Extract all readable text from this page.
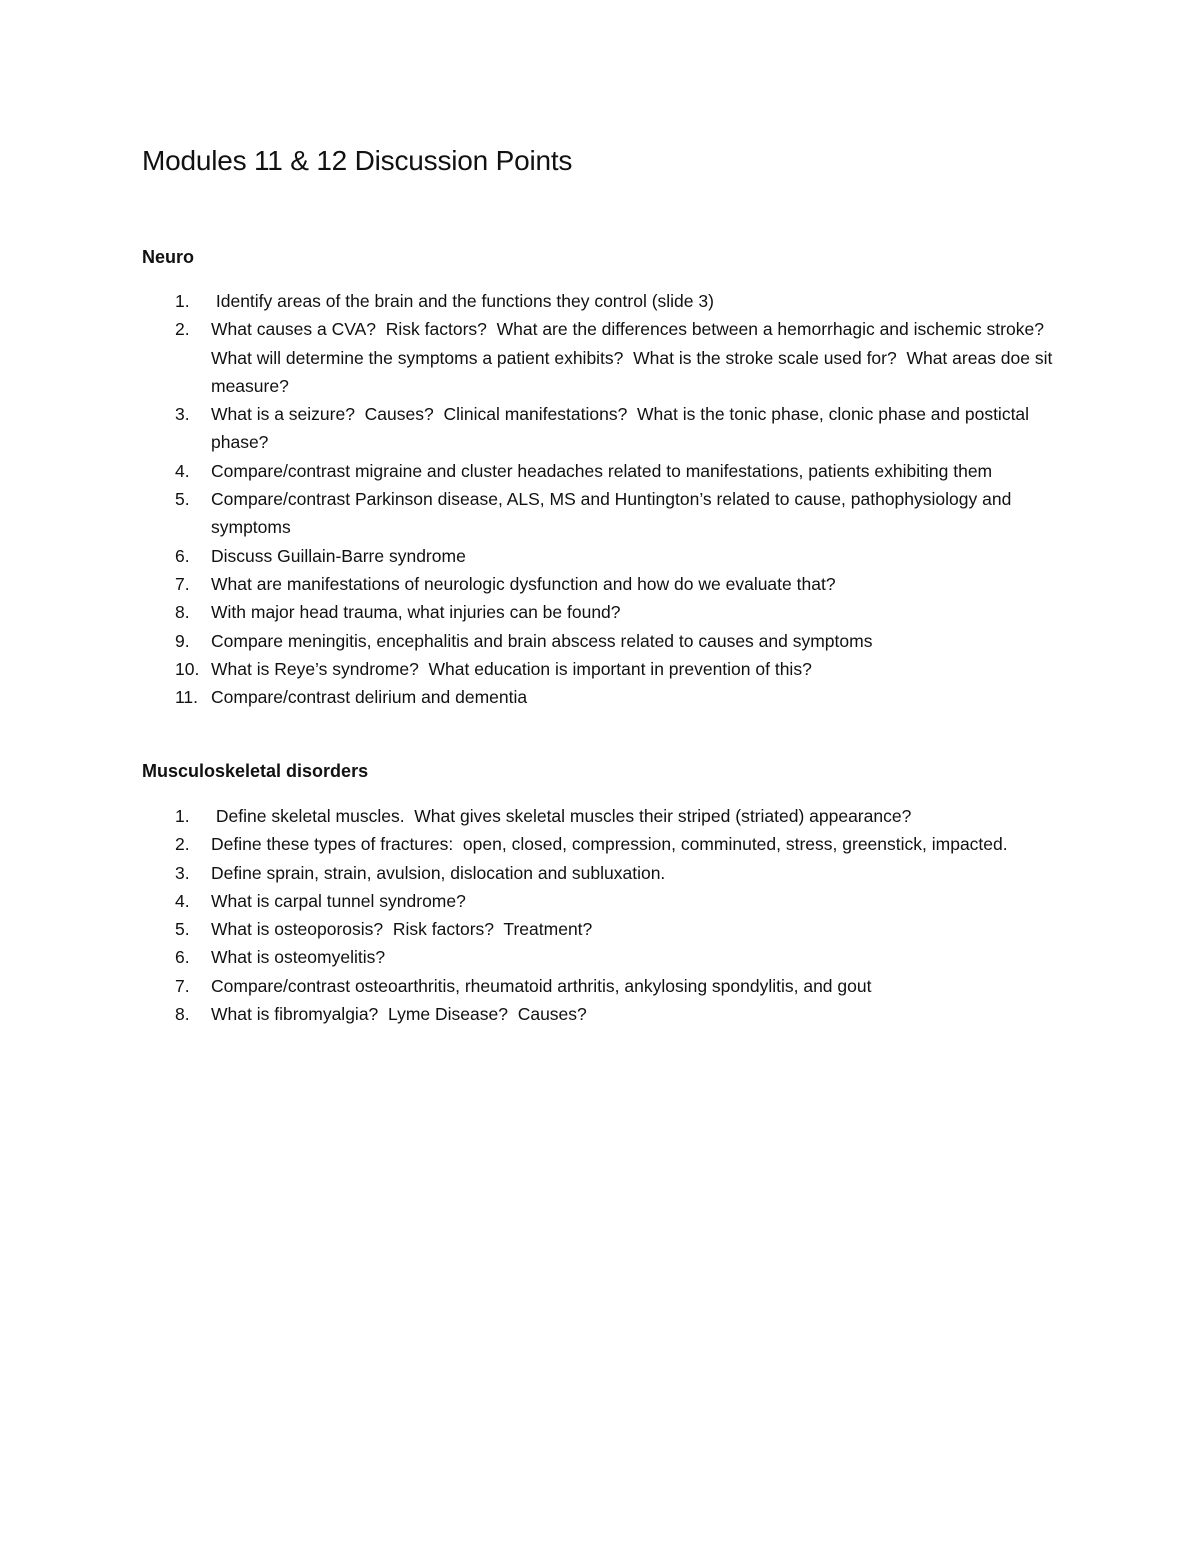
Modules 11 & 12 Discussion Points
Neuro
1.	Identify areas of the brain and the functions they control (slide 3)
2.	What causes a CVA?  Risk factors?  What are the differences between a hemorrhagic and ischemic stroke?  What will determine the symptoms a patient exhibits?  What is the stroke scale used for?  What areas doe sit measure?
3.	What is a seizure?  Causes?  Clinical manifestations?  What is the tonic phase, clonic phase and postictal phase?
4.	Compare/contrast migraine and cluster headaches related to manifestations, patients exhibiting them
5.	Compare/contrast Parkinson disease, ALS, MS and Huntington’s related to cause, pathophysiology and symptoms
6.	Discuss Guillain-Barre syndrome
7.	What are manifestations of neurologic dysfunction and how do we evaluate that?
8.	With major head trauma, what injuries can be found?
9.	Compare meningitis, encephalitis and brain abscess related to causes and symptoms
10. What is Reye’s syndrome?  What education is important in prevention of this?
11. Compare/contrast delirium and dementia
Musculoskeletal disorders
1.	Define skeletal muscles.  What gives skeletal muscles their striped (striated) appearance?
2.	Define these types of fractures:  open, closed, compression, comminuted, stress, greenstick, impacted.
3.	Define sprain, strain, avulsion, dislocation and subluxation.
4.	What is carpal tunnel syndrome?
5.	What is osteoporosis?  Risk factors?  Treatment?
6.	What is osteomyelitis?
7.	Compare/contrast osteoarthritis, rheumatoid arthritis, ankylosing spondylitis, and gout
8.	What is fibromyalgia?  Lyme Disease?  Causes?
